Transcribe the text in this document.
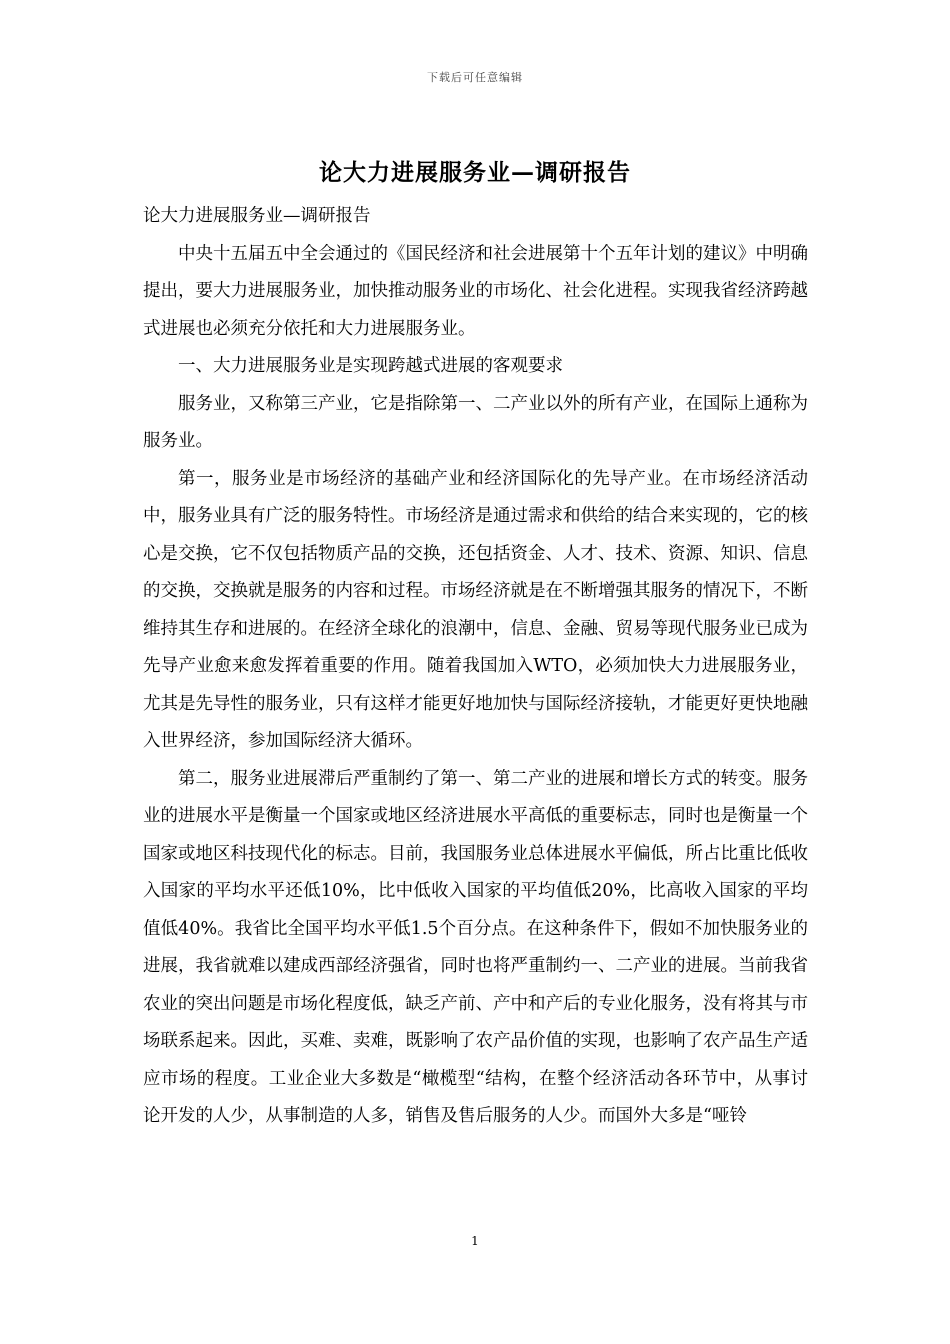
下载后可任意编辑
论大力进展服务业—调研报告

论大力进展服务业—调研报告

中央十五届五中全会通过的《国民经济和社会进展第十个五年计划的建议》中明确提出，要大力进展服务业，加快推动服务业的市场化、社会化进程。实现我省经济跨越式进展也必须充分依托和大力进展服务业。

一、大力进展服务业是实现跨越式进展的客观要求

服务业，又称第三产业，它是指除第一、二产业以外的所有产业，在国际上通称为服务业。

第一，服务业是市场经济的基础产业和经济国际化的先导产业。在市场经济活动中，服务业具有广泛的服务特性。市场经济是通过需求和供给的结合来实现的，它的核心是交换，它不仅包括物质产品的交换，还包括资金、人才、技术、资源、知识、信息的交换，交换就是服务的内容和过程。市场经济就是在不断增强其服务的情况下，不断维持其生存和进展的。在经济全球化的浪潮中，信息、金融、贸易等现代服务业已成为先导产业愈来愈发挥着重要的作用。随着我国加入WTO，必须加快大力进展服务业，尤其是先导性的服务业，只有这样才能更好地加快与国际经济接轨，才能更好更快地融入世界经济，参加国际经济大循环。

第二，服务业进展滞后严重制约了第一、第二产业的进展和增长方式的转变。服务业的进展水平是衡量一个国家或地区经济进展水平高低的重要标志，同时也是衡量一个国家或地区科技现代化的标志。目前，我国服务业总体进展水平偏低，所占比重比低收入国家的平均水平还低10%，比中低收入国家的平均值低20%，比高收入国家的平均值低40%。我省比全国平均水平低1.5个百分点。在这种条件下，假如不加快服务业的进展，我省就难以建成西部经济强省，同时也将严重制约一、二产业的进展。当前我省农业的突出问题是市场化程度低，缺乏产前、产中和产后的专业化服务，没有将其与市场联系起来。因此，买难、卖难，既影响了农产品价值的实现，也影响了农产品生产适应市场的程度。工业企业大多数是“橄榄型“结构，在整个经济活动各环节中，从事讨论开发的人少，从事制造的人多，销售及售后服务的人少。而国外大多是“哑铃

1
